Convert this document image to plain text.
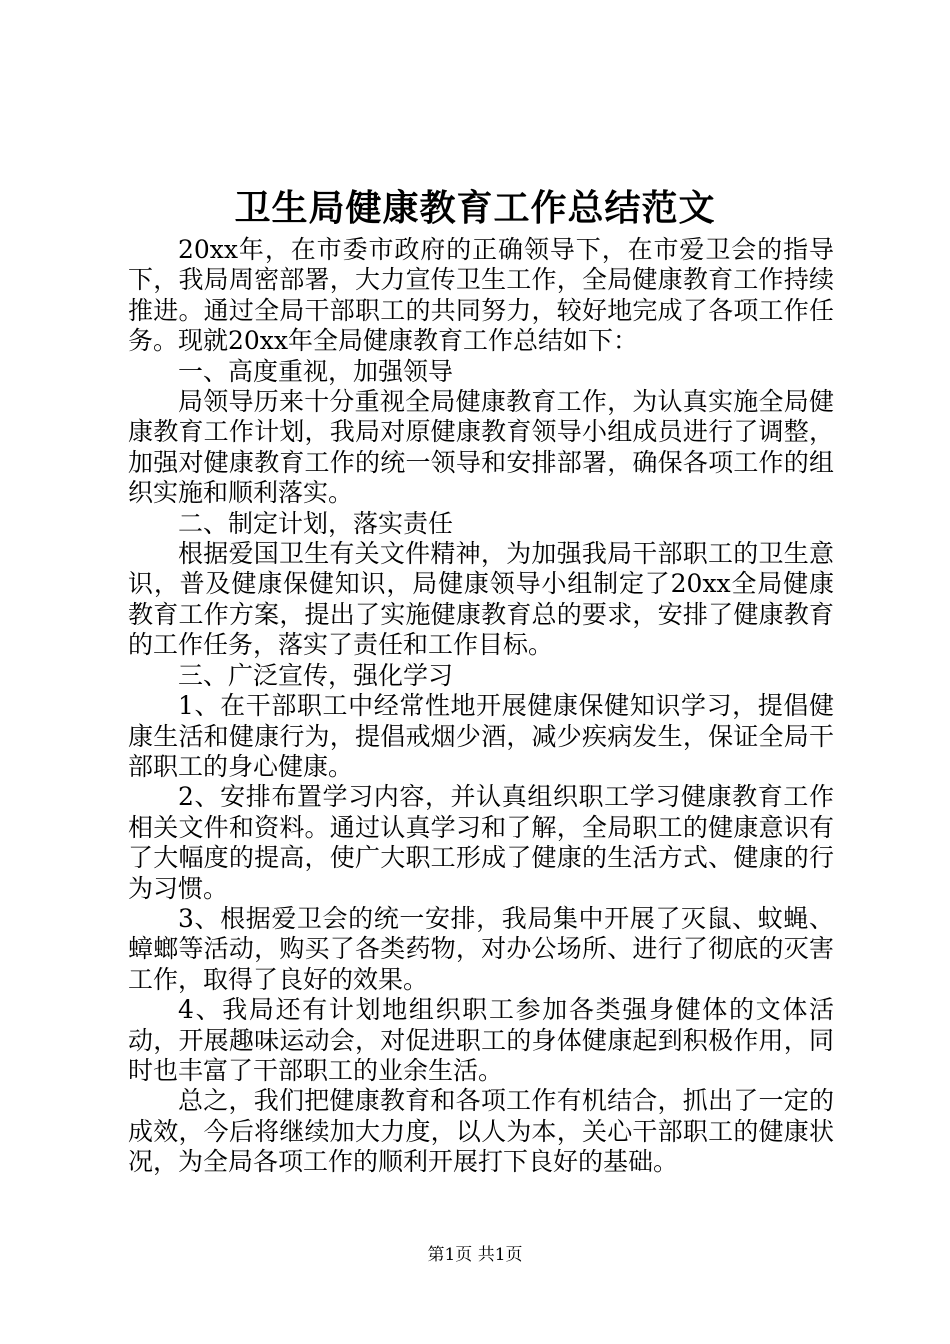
卫生局健康教育工作总结范文

20xx年，在市委市政府的正确领导下，在市爱卫会的指导下，我局周密部署，大力宣传卫生工作，全局健康教育工作持续推进。通过全局干部职工的共同努力，较好地完成了各项工作任务。现就20xx年全局健康教育工作总结如下：

一、高度重视，加强领导

局领导历来十分重视全局健康教育工作，为认真实施全局健康教育工作计划，我局对原健康教育领导小组成员进行了调整，加强对健康教育工作的统一领导和安排部署，确保各项工作的组织实施和顺利落实。

二、制定计划，落实责任

根据爱国卫生有关文件精神，为加强我局干部职工的卫生意识，普及健康保健知识，局健康领导小组制定了20xx全局健康教育工作方案，提出了实施健康教育总的要求，安排了健康教育的工作任务，落实了责任和工作目标。

三、广泛宣传，强化学习

1、在干部职工中经常性地开展健康保健知识学习，提倡健康生活和健康行为，提倡戒烟少酒，减少疾病发生，保证全局干部职工的身心健康。

2、安排布置学习内容，并认真组织职工学习健康教育工作相关文件和资料。通过认真学习和了解，全局职工的健康意识有了大幅度的提高，使广大职工形成了健康的生活方式、健康的行为习惯。

3、根据爱卫会的统一安排，我局集中开展了灭鼠、蚊蝇、蟑螂等活动，购买了各类药物，对办公场所、进行了彻底的灭害工作，取得了良好的效果。

4、我局还有计划地组织职工参加各类强身健体的文体活动，开展趣味运动会，对促进职工的身体健康起到积极作用，同时也丰富了干部职工的业余生活。

总之，我们把健康教育和各项工作有机结合，抓出了一定的成效，今后将继续加大力度，以人为本，关心干部职工的健康状况，为全局各项工作的顺利开展打下良好的基础。

第1页 共1页
